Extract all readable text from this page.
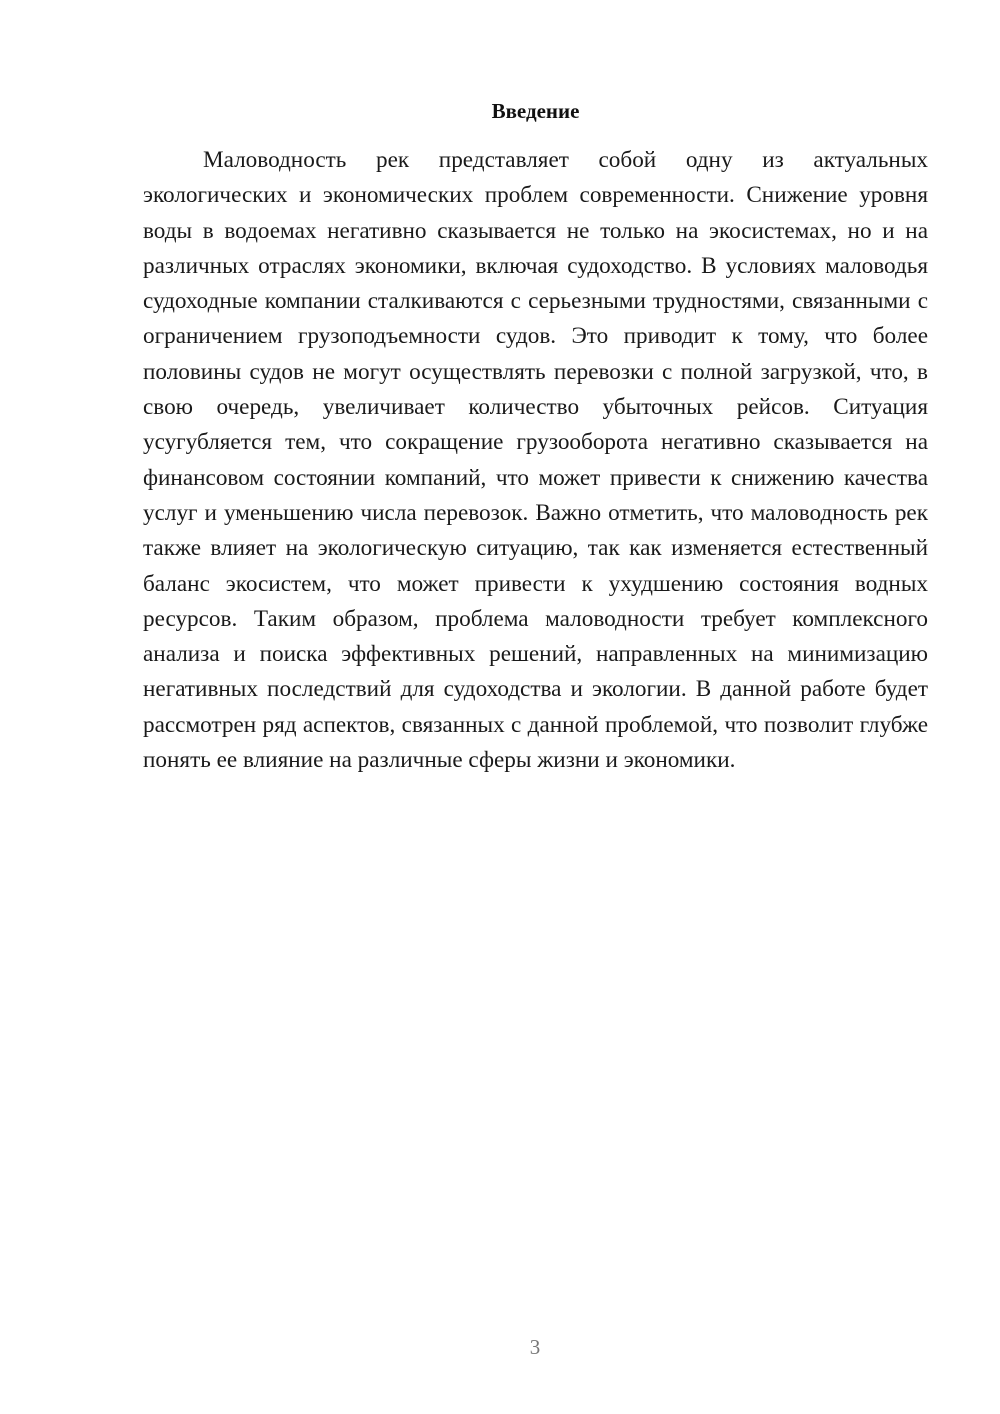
Введение

Маловодность рек представляет собой одну из актуальных экологических и экономических проблем современности. Снижение уровня воды в водоемах негативно сказывается не только на экосистемах, но и на различных отраслях экономики, включая судоходство. В условиях маловодья судоходные компании сталкиваются с серьезными трудностями, связанными с ограничением грузоподъемности судов. Это приводит к тому, что более половины судов не могут осуществлять перевозки с полной загрузкой, что, в свою очередь, увеличивает количество убыточных рейсов. Ситуация усугубляется тем, что сокращение грузооборота негативно сказывается на финансовом состоянии компаний, что может привести к снижению качества услуг и уменьшению числа перевозок. Важно отметить, что маловодность рек также влияет на экологическую ситуацию, так как изменяется естественный баланс экосистем, что может привести к ухудшению состояния водных ресурсов. Таким образом, проблема маловодности требует комплексного анализа и поиска эффективных решений, направленных на минимизацию негативных последствий для судоходства и экологии. В данной работе будет рассмотрен ряд аспектов, связанных с данной проблемой, что позволит глубже понять ее влияние на различные сферы жизни и экономики.

3
